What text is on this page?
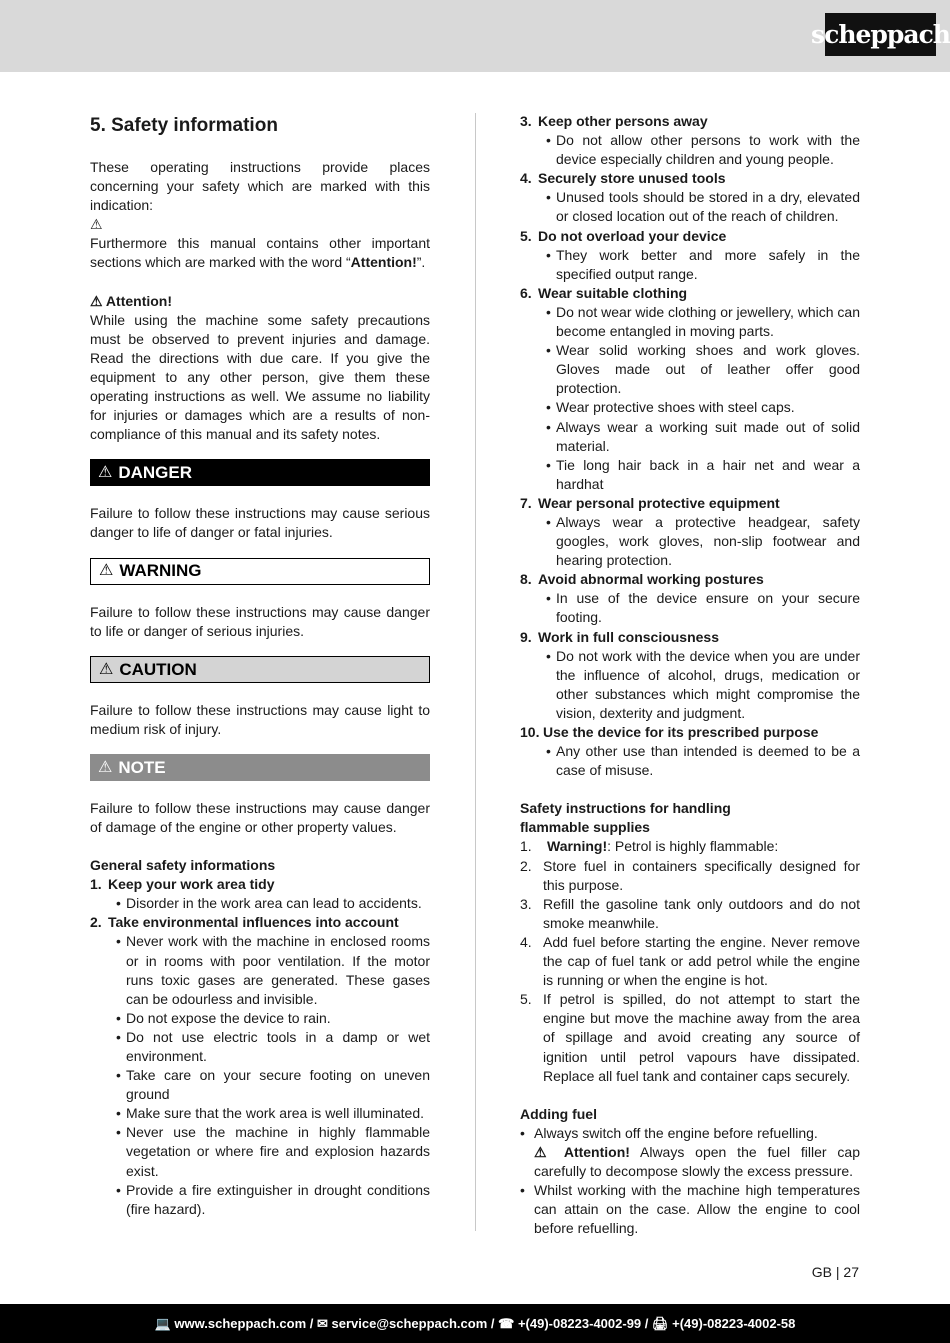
scheppach
5. Safety information
These operating instructions provide places concerning your safety which are marked with this indication:
⚠
Furthermore this manual contains other important sections which are marked with the word “Attention!”.
⚠ Attention!
While using the machine some safety precautions must be observed to prevent injuries and damage. Read the directions with due care. If you give the equipment to any other person, give them these operating instructions as well. We assume no liability for injuries or damages which are a results of non-compliance of this manual and its safety notes.
⚠ DANGER
Failure to follow these instructions may cause serious danger to life of danger or fatal injuries.
⚠ WARNING
Failure to follow these instructions may cause danger to life or danger of serious injuries.
⚠ CAUTION
Failure to follow these instructions may cause light to medium risk of injury.
⚠ NOTE
Failure to follow these instructions may cause danger of damage of the engine or other property values.
General safety informations
1. Keep your work area tidy
• Disorder in the work area can lead to accidents.
2. Take environmental influences into account
• Never work with the machine in enclosed rooms or in rooms with poor ventilation. If the motor runs toxic gases are generated. These gases can be odourless and invisible.
• Do not expose the device to rain.
• Do not use electric tools in a damp or wet environment.
• Take care on your secure footing on uneven ground
• Make sure that the work area is well illuminated.
• Never use the machine in highly flammable vegetation or where fire and explosion hazards exist.
• Provide a fire extinguisher in drought conditions (fire hazard).
3. Keep other persons away
• Do not allow other persons to work with the device especially children and young people.
4. Securely store unused tools
• Unused tools should be stored in a dry, elevated or closed location out of the reach of children.
5. Do not overload your device
• They work better and more safely in the specified output range.
6. Wear suitable clothing
• Do not wear wide clothing or jewellery, which can become entangled in moving parts.
• Wear solid working shoes and work gloves. Gloves made out of leather offer good protection.
• Wear protective shoes with steel caps.
• Always wear a working suit made out of solid material.
• Tie long hair back in a hair net and wear a hardhat
7. Wear personal protective equipment
• Always wear a protective headgear, safety googles, work gloves, non-slip footwear and hearing protection.
8. Avoid abnormal working postures
• In use of the device ensure on your secure footing.
9. Work in full consciousness
• Do not work with the device when you are under the influence of alcohol, drugs, medication or other substances which might compromise the vision, dexterity and judgment.
10. Use the device for its prescribed purpose
• Any other use than intended is deemed to be a case of misuse.
Safety instructions for handling
flammable supplies
1.	Warning!: Petrol is highly flammable:
2. Store fuel in containers specifically designed for this purpose.
3. Refill the gasoline tank only outdoors and do not smoke meanwhile.
4. Add fuel before starting the engine. Never remove the cap of fuel tank or add petrol while the engine is running or when the engine is hot.
5. If petrol is spilled, do not attempt to start the engine but move the machine away from the area of spillage and avoid creating any source of ignition until petrol vapours have dissipated. Replace all fuel tank and container caps securely.
Adding fuel
• Always switch off the engine before refuelling.
⚠ Attention! Always open the fuel filler cap carefully to decompose slowly the excess pressure.
• Whilst working with the machine high temperatures can attain on the case. Allow the engine to cool before refuelling.
GB | 27
💻 www.scheppach.com / ✉ service@scheppach.com / ☎ +(49)-08223-4002-99 / 🖨 +(49)-08223-4002-58
